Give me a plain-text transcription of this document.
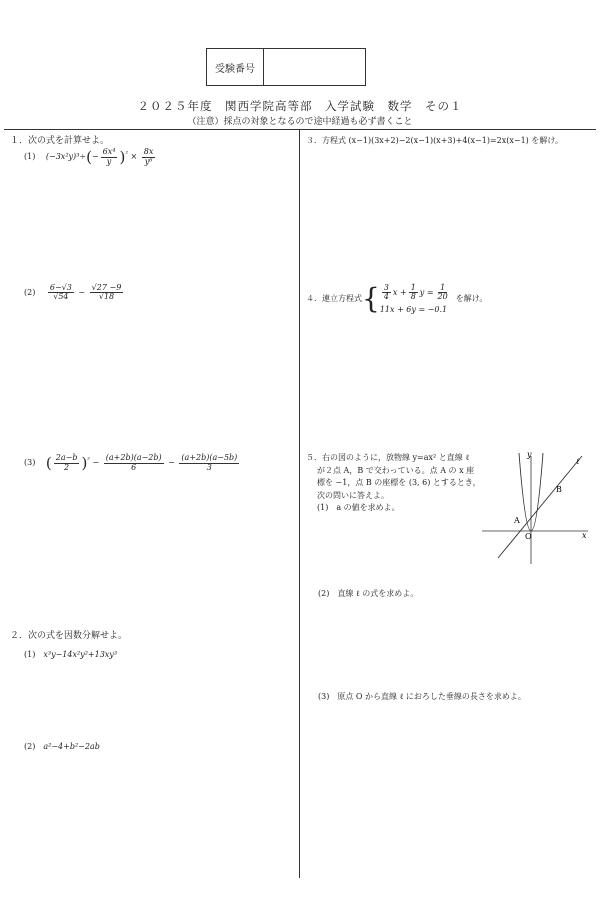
受験番号
２０２５年度　関西学院高等部　入学試験　数学　その１
（注意）採点の対象となるので途中経過も必ず書くこと
１．次の式を計算せよ。
(1) $(-3x^2y)^3\div(- \frac{\text{6x⁴}}{y} )^{^2} \times \frac{8x}{\text{y⁶}}$
$(2) \frac{6-√3}{√54} - \frac{√27 -9}{√18}$
(3) ( $\frac{2a-b}{2} )^{^2} - \frac{(a+2b)(a-2b)}{6} - \frac{(a+2b)(a-5b)}{3}$
２．次の式を因数分解せよ。
(1) x³y−14x²y²+13xy³
(2) a²−4+b²−2ab
３．方程式 (x−1)(3x+2)−2(x−1)(x+3)+4(x−1)=2x(x−1) を解け。
４．連立方程式 { $\frac{3}{4}$ $x + \frac{1}{8}$ $y = \frac{1}{20}$
11x + 6y = −0.1
を解け。
５．右の図のように，放物線 y=ax² と直線 ℓ
が２点 A，B で交わっている。点 A の x 座
標を −1，点 B の座標を (3, 6) とするとき，
次の問いに答えよ。
(1)　a の値を求めよ。
(2)　直線 ℓ の式を求めよ。
(3)　原点 O から直線 ℓ におろした垂線の長さを求めよ。
y
x
ℓ
A
B
O
